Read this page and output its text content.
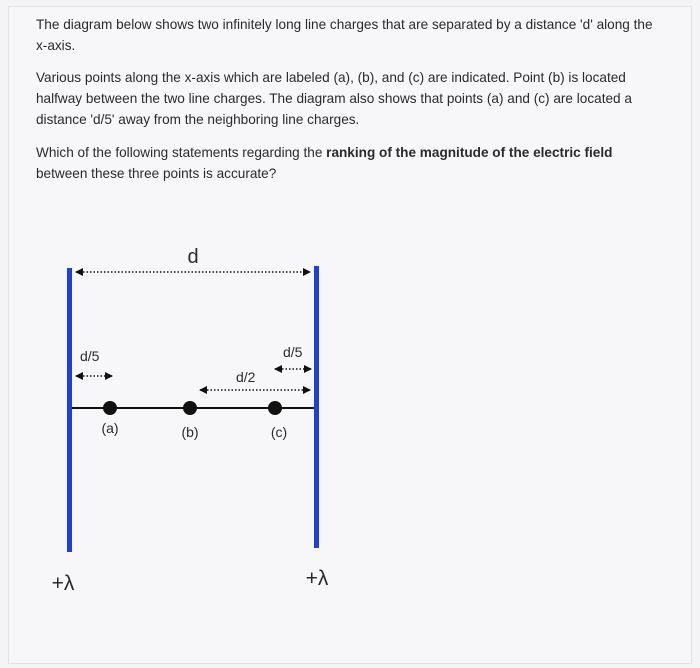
The diagram below shows two infinitely long line charges that are separated by a distance 'd' along the x-axis.

Various points along the x-axis which are labeled (a), (b), and (c) are indicated. Point (b) is located halfway between the two line charges. The diagram also shows that points (a) and (c) are located a distance 'd/5' away from the neighboring line charges.

Which of the following statements regarding the ranking of the magnitude of the electric field between these three points is accurate?

d
d/5	d/5
d/2
(a)	(b)	(c)
+λ	+λ
